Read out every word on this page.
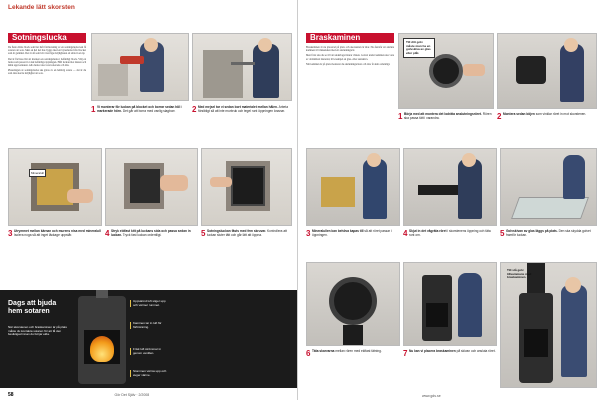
Lekande lätt skorsten
Sotningslucka

De flesta äldre block som har haft förmursning av en sotningslucka kan få sotaren att sota. Men en hel del hus byggs med en byteslucka från blocket som är gammal. Det är då som bör överväga möjligheten att sätta in en ny.

Det är förvisso lätt att montera en sotningslucka i befintligt block. Välj en lucka som passar in i den befintliga öppningen. Håll luckan mot muren och märk upp konturen. Alla luckor ska vara isolerade och täta.

Planeringen av sotningslucka ska göras av en behörig sotare — det är du som inte ska ha möjlighet att sota.

1 Vi monterar för luckan på blocket och borrar sedan hål i markerade hörn. Det går att borra med vanlig slagborr.	2 Med mejsel tar vi sedan bort materialet mellan hålen. Arbeta försiktigt så att inte murbruk och tegel runt öppningen lossnar.
Mineralull
3 Utrymmet mellan kärnan och murens nisa med mineralull Isolera noga så att inget läckage uppstår.	4 Stryk eldfast kitt på luckans sida och passa sedan in luckan. Tryck fast luckan ordentligt.	5 Sotningsluckan fästs med fem skruvar. Kontrollera att luckan sluter tätt och går lätt att öppna.
Dags att bjuda hem sotaren
När skorstenen och braskaminen är på plats måste du kontakta sotaren för att få den besiktigad innan du börjar elda.
Uppvärmd luft stiger upp och värmer rummet.
Kaminen tar in luft för förbränning.
Frisk luft strömmar in genom ventilen.
Stommen värms upp och avger värme.
58	Gör Det Själv · 2/2008
Braskaminen

Braskaminen är nu placerad på plats och skorstenen är klar. Nu återstår att ansluta kaminen till rökkanalen med ett anslutningsrör.

Men först ska du se till att underlaget klarar vikten. Golvet under kaminen ska vara av obrännbart material, till exempel en glas- eller stenskiva.

När kaminen är på plats monterar du anslutningsrören och drar åt dem ordentligt.

Till ditt golv måste man ha en golvskiva av glas eller plåt.
1 Börja med att montera det lodräta anslutningsröret. Rören ska passa tätt i varandra.	2 Montera sedan böjen som vinklar röret in mot skorstenen.
3 Mineralullen kan behöva kapas till så att röret passar i öppningen.	4 Skjut in det vågräta röret i skorstenens öppning och täta runt om.	5 Golvskivan av glas läggs på plats. Den ska skydda golvet framför luckan.
Tilt stå golv tillsammans med braskaminen.
6 Täta skarvarna mellan rören med eldfast tätning.	7 Nu kan vi placera braskaminen på skivan och ansluta röret.
www.gds.se
